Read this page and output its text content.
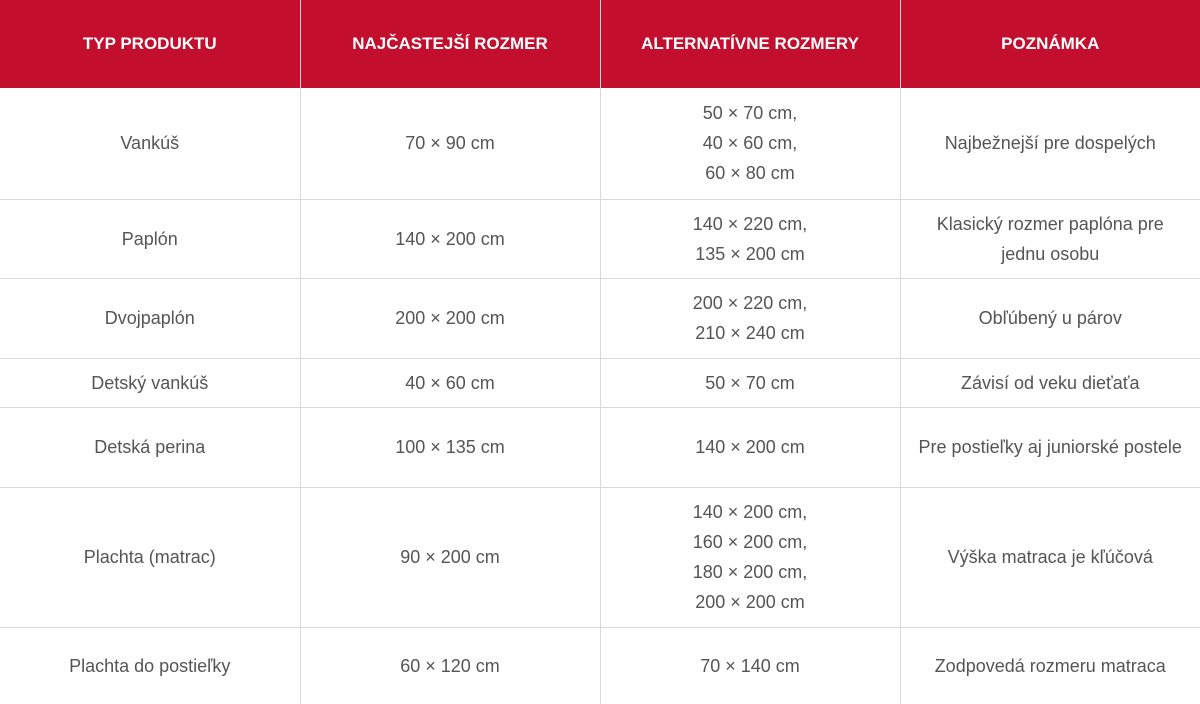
TYP PRODUKTU	NAJČASTEJŠÍ ROZMER	ALTERNATÍVNE ROZMERY	POZNÁMKA
Vankúš	70 × 90 cm	50 × 70 cm,
40 × 60 cm,
60 × 80 cm	Najbežnejší pre dospelých
Paplón	140 × 200 cm	140 × 220 cm,
135 × 200 cm	Klasický rozmer paplóna pre jednu osobu
Dvojpaplón	200 × 200 cm	200 × 220 cm,
210 × 240 cm	Obľúbený u párov
Detský vankúš	40 × 60 cm	50 × 70 cm	Závisí od veku dieťaťa
Detská perina	100 × 135 cm	140 × 200 cm	Pre postieľky aj juniorské postele
Plachta (matrac)	90 × 200 cm	140 × 200 cm,
160 × 200 cm,
180 × 200 cm,
200 × 200 cm	Výška matraca je kľúčová
Plachta do postieľky	60 × 120 cm	70 × 140 cm	Zodpovedá rozmeru matraca
